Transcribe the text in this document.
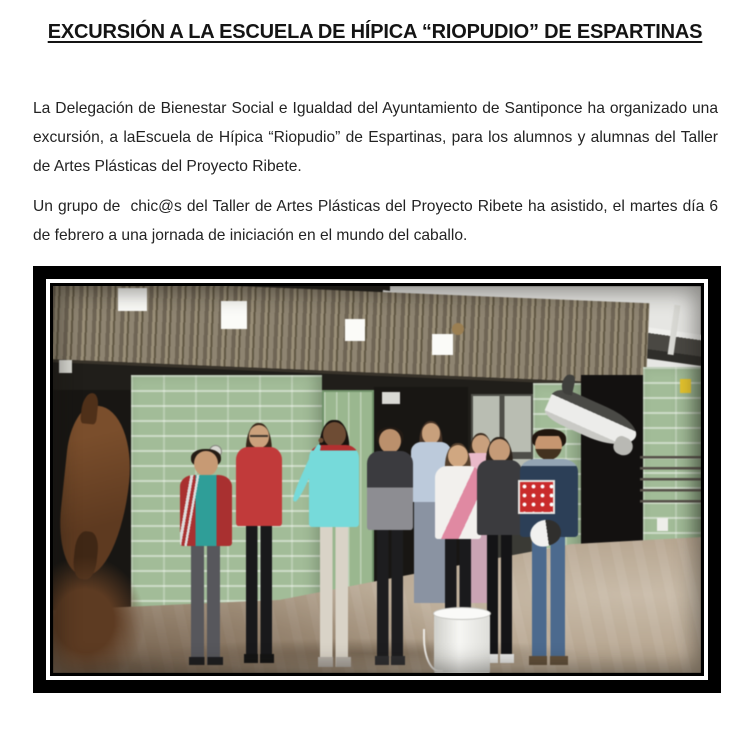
EXCURSIÓN A LA ESCUELA DE HÍPICA “RIOPUDIO” DE ESPARTINAS

La Delegación de Bienestar Social e Igualdad del Ayuntamiento de Santiponce ha organizado una excursión, a laEscuela de Hípica “Riopudio” de Espartinas, para los alumnos y alumnas del Taller de Artes Plásticas del Proyecto Ribete.

Un grupo de  chic@s del Taller de Artes Plásticas del Proyecto Ribete ha asistido, el martes día 6 de febrero a una jornada de iniciación en el mundo del caballo.
